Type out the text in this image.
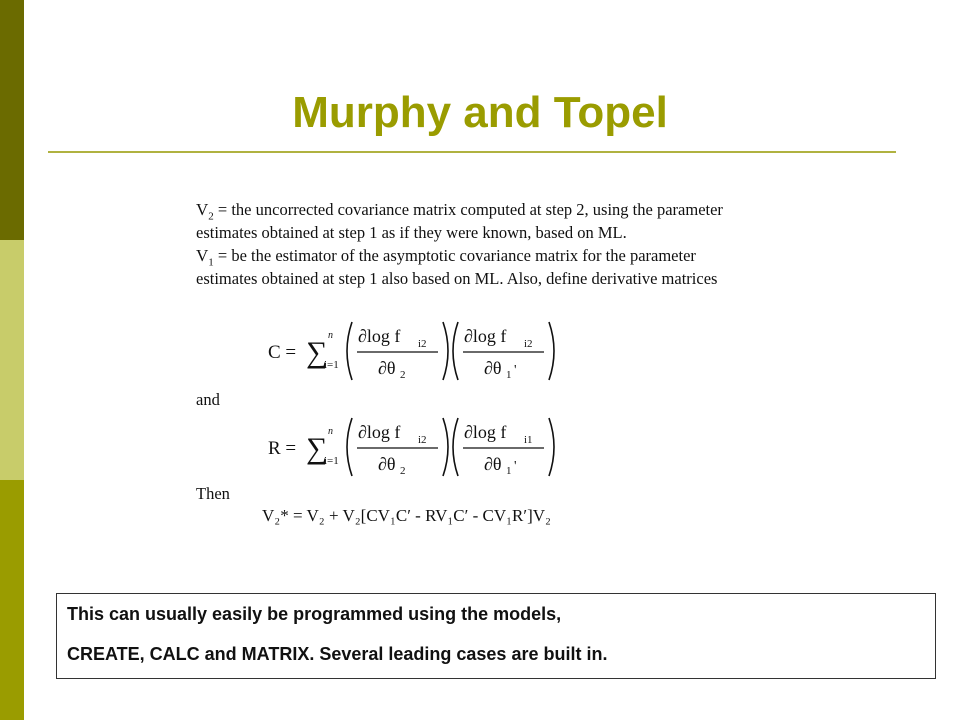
Murphy and Topel
$V_2$ = the uncorrected covariance matrix computed at step 2, using the parameter
estimates obtained at step 1 as if they were known, based on ML.
$V_1$ = be the estimator of the asymptotic covariance matrix for the parameter
estimates obtained at step 1 also based on ML. Also, define derivative matrices
and
Then
C = ∑
n
i=1
∂log f i2
∂θ 2
∂log f i2
∂θ 1 '
R = ∑
n
i=1
∂log f i2
∂θ 2
∂log f i1
∂θ 1 '
V₂* = V₂ + V₂[CV₁C′ - RV₁C′ - CV₁R′]V₂
This can usually easily be programmed using the models,
CREATE, CALC and MATRIX. Several leading cases are built in.
